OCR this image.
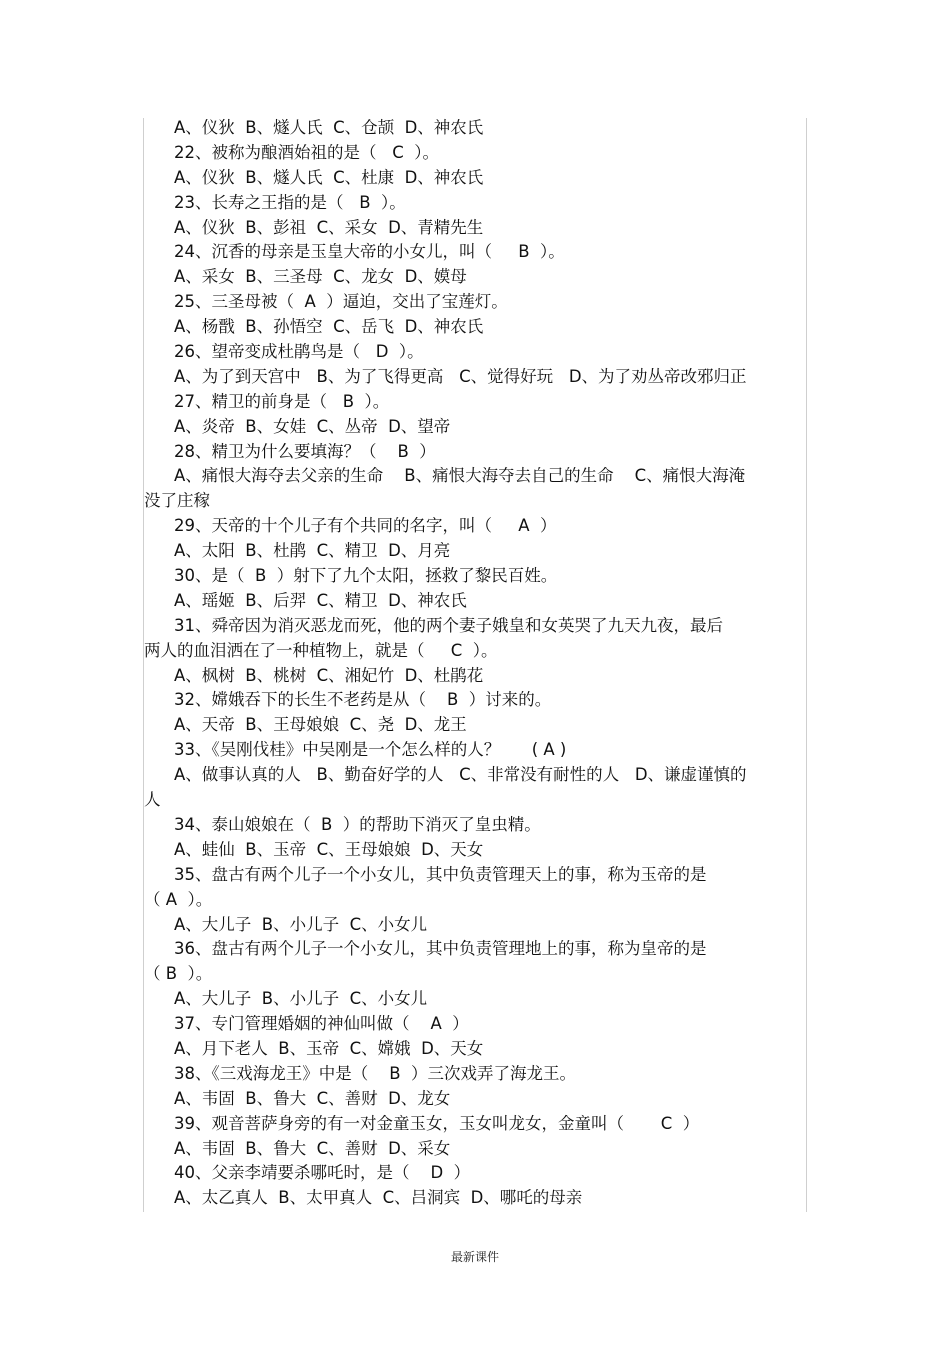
A、仪狄  B、燧人氏  C、仓颉  D、神农氏
22、被称为酿酒始祖的是（   C  ）。
A、仪狄  B、燧人氏  C、杜康  D、神农氏
23、长寿之王指的是（   B  ）。
A、仪狄  B、彭祖  C、采女  D、青精先生
24、沉香的母亲是玉皇大帝的小女儿，叫（     B  ）。
A、采女  B、三圣母  C、龙女  D、嫫母
25、三圣母被（  A  ）逼迫，交出了宝莲灯。
A、杨戬  B、孙悟空  C、岳飞  D、神农氏
26、望帝变成杜鹃鸟是（   D  ）。
A、为了到天宫中   B、为了飞得更高   C、觉得好玩   D、为了劝丛帝改邪归正
27、精卫的前身是（   B  ）。
A、炎帝  B、女娃  C、丛帝  D、望帝
28、精卫为什么要填海？（    B  ）
A、痛恨大海夺去父亲的生命    B、痛恨大海夺去自己的生命    C、痛恨大海淹
没了庄稼
29、天帝的十个儿子有个共同的名字，叫（     A  ）
A、太阳  B、杜鹃  C、精卫  D、月亮
30、是（  B  ）射下了九个太阳，拯救了黎民百姓。
A、瑶姬  B、后羿  C、精卫  D、神农氏
31、舜帝因为消灭恶龙而死，他的两个妻子娥皇和女英哭了九天九夜，最后
两人的血泪洒在了一种植物上，就是（     C  ）。
A、枫树  B、桃树  C、湘妃竹  D、杜鹃花
32、嫦娥吞下的长生不老药是从（    B  ）讨来的。
A、天帝  B、王母娘娘  C、尧  D、龙王
33、《吴刚伐桂》中吴刚是一个怎么样的人？      ( A )
A、做事认真的人   B、勤奋好学的人   C、非常没有耐性的人   D、谦虚谨慎的
人
34、泰山娘娘在（  B  ）的帮助下消灭了皇虫精。
A、蛙仙  B、玉帝  C、王母娘娘  D、天女
35、盘古有两个儿子一个小女儿，其中负责管理天上的事，称为玉帝的是
（ A  ）。
A、大儿子  B、小儿子  C、小女儿
36、盘古有两个儿子一个小女儿，其中负责管理地上的事，称为皇帝的是
（ B  ）。
A、大儿子  B、小儿子  C、小女儿
37、专门管理婚姻的神仙叫做（    A  ）
A、月下老人  B、玉帝  C、嫦娥  D、天女
38、《三戏海龙王》中是（    B  ）三次戏弄了海龙王。
A、韦固  B、鲁大  C、善财  D、龙女
39、观音菩萨身旁的有一对金童玉女，玉女叫龙女，金童叫（       C  ）
A、韦固  B、鲁大  C、善财  D、采女
40、父亲李靖要杀哪吒时，是（    D  ）
A、太乙真人  B、太甲真人  C、吕洞宾  D、哪吒的母亲
最新课件
